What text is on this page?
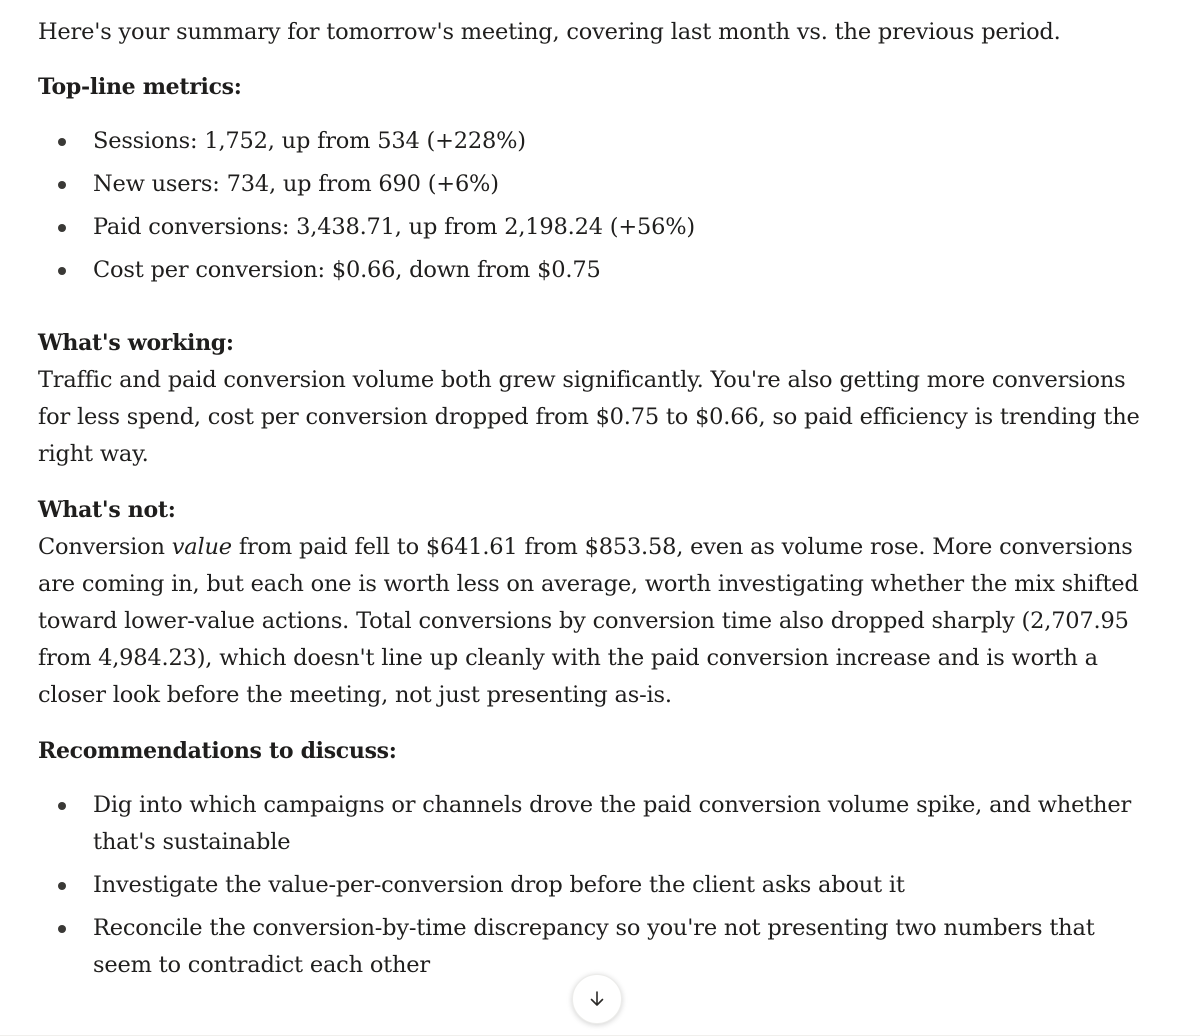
Here's your summary for tomorrow's meeting, covering last month vs. the previous period.

Top-line metrics:

Sessions: 1,752, up from 534 (+228%)
New users: 734, up from 690 (+6%)
Paid conversions: 3,438.71, up from 2,198.24 (+56%)
Cost per conversion: $0.66, down from $0.75

What's working:

Traffic and paid conversion volume both grew significantly. You're also getting more conversions for less spend, cost per conversion dropped from $0.75 to $0.66, so paid efficiency is trending the right way.

What's not:

Conversion value from paid fell to $641.61 from $853.58, even as volume rose. More conversions are coming in, but each one is worth less on average, worth investigating whether the mix shifted toward lower-value actions. Total conversions by conversion time also dropped sharply (2,707.95 from 4,984.23), which doesn't line up cleanly with the paid conversion increase and is worth a closer look before the meeting, not just presenting as-is.

Recommendations to discuss:

Dig into which campaigns or channels drove the paid conversion volume spike, and whether that's sustainable
Investigate the value-per-conversion drop before the client asks about it
Reconcile the conversion-by-time discrepancy so you're not presenting two numbers that seem to contradict each other
